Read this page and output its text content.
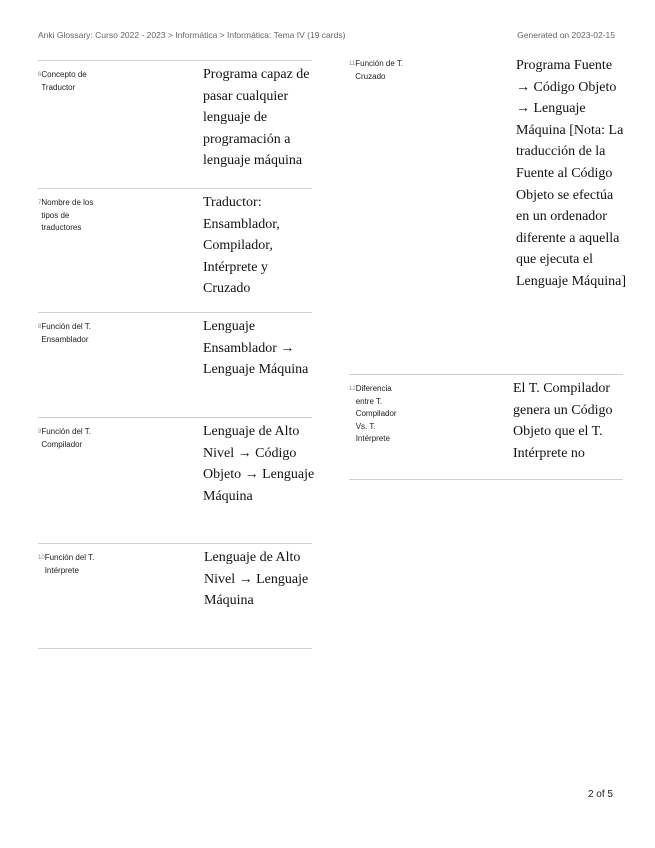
Anki Glossary: Curso 2022 - 2023 > Informática > Informática: Tema IV (19 cards)	Generated on 2023-02-15
$^6$Concepto de Traductor
Programa capaz de pasar cualquier lenguaje de programación a lenguaje máquina
$^7$Nombre de los tipos de traductores
Traductor: Ensamblador, Compilador, Intérprete y Cruzado
$^8$Función del T. Ensamblador
Lenguaje Ensamblador → Lenguaje Máquina
$^9$Función del T. Compilador
Lenguaje de Alto Nivel → Código Objeto → Lenguaje Máquina
$^{10}$Función del T. Intérprete
Lenguaje de Alto Nivel → Lenguaje Máquina
$^{11}$Función de T. Cruzado
Programa Fuente → Código Objeto → Lenguaje Máquina [Nota: La traducción de la Fuente al Código Objeto se efectúa en un ordenador diferente a aquella que ejecuta el Lenguaje Máquina]
$^{12}$Diferencia entre T. Compilador Vs. T. Intérprete
El T. Compilador genera un Código Objeto que el T. Intérprete no
2 of 5
